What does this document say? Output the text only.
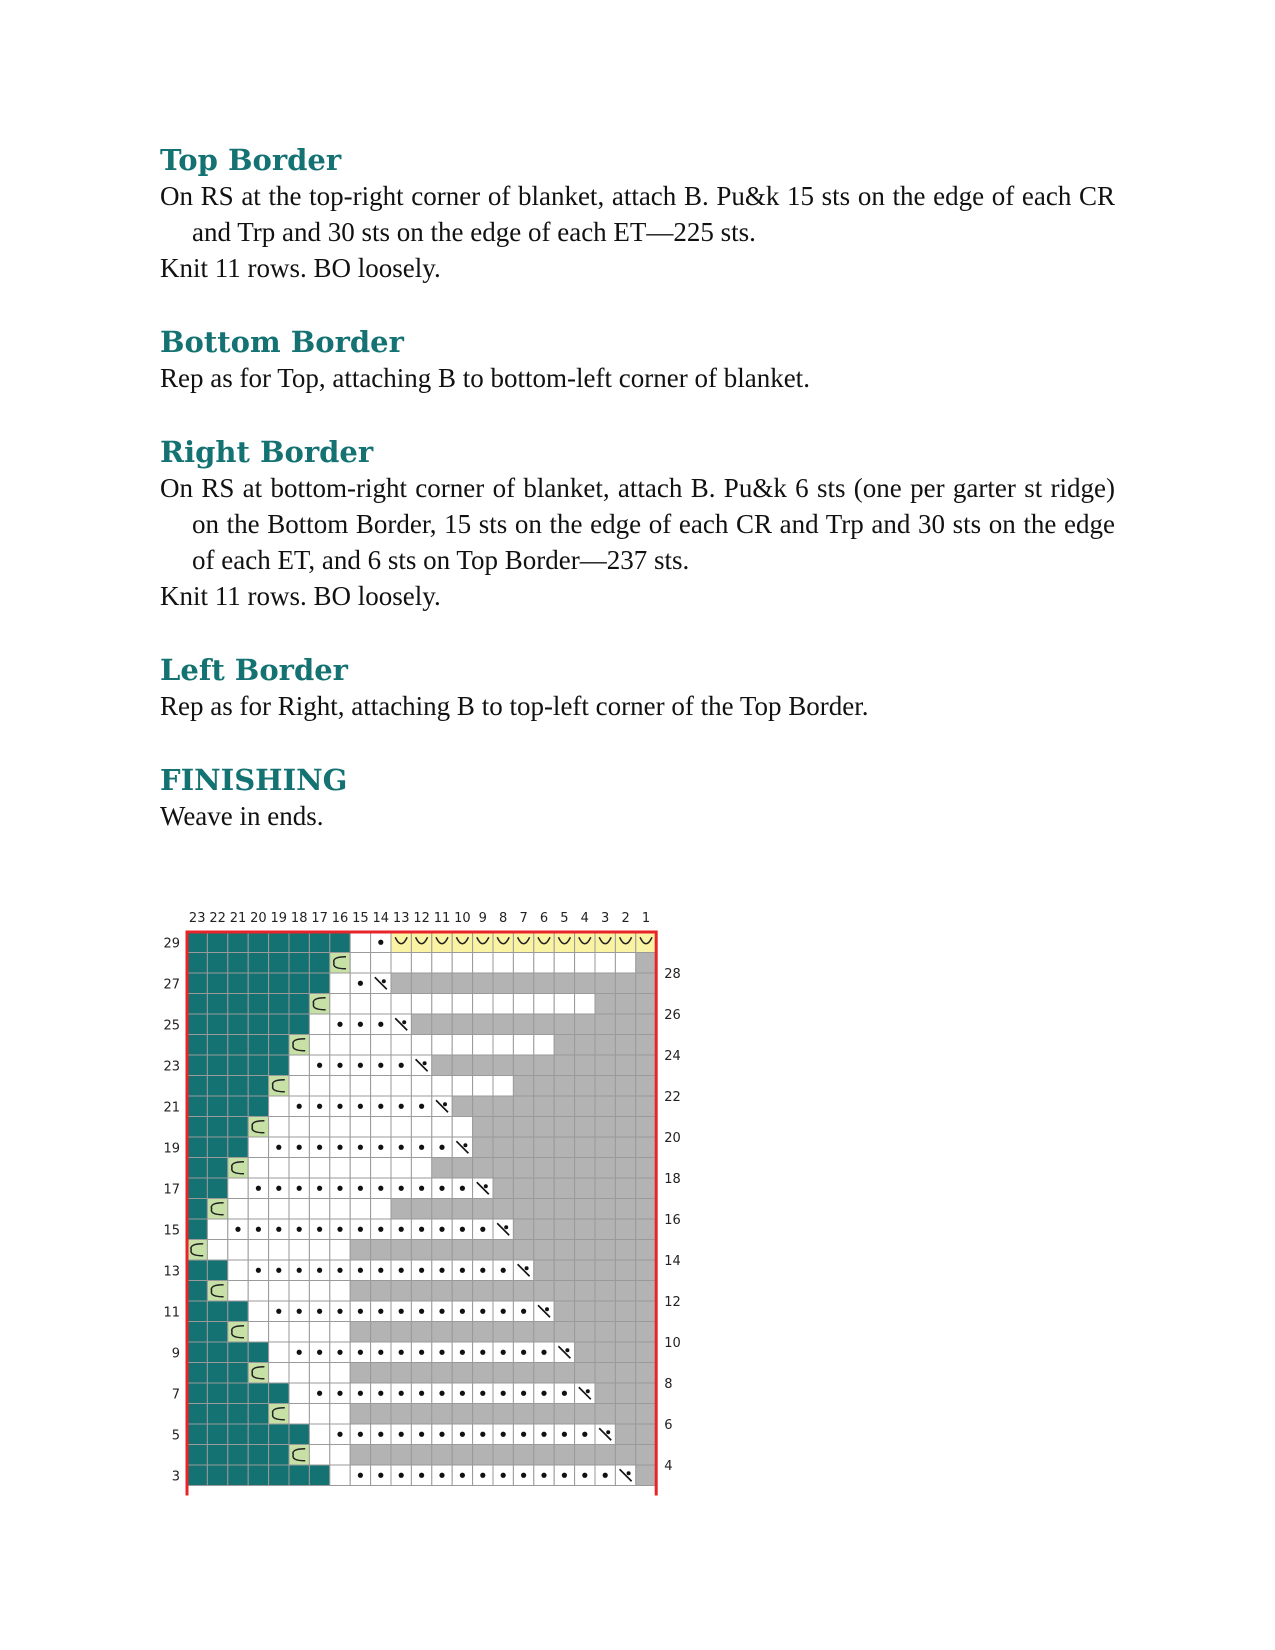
Top Border

On RS at the top-right corner of blanket, attach B. Pu&k 15 sts on the edge of each CR and Trp and 30 sts on the edge of each ET—225 sts.

Knit 11 rows. BO loosely.

Bottom Border

Rep as for Top, attaching B to bottom-left corner of blanket.

Right Border

On RS at bottom-right corner of blanket, attach B. Pu&k 6 sts (one per garter st ridge) on the Bottom Border, 15 sts on the edge of each CR and Trp and 30 sts on the edge of each ET, and 6 sts on Top Border—237 sts.

Knit 11 rows. BO loosely.

Left Border

Rep as for Right, attaching B to top-left corner of the Top Border.

FINISHING

Weave in ends.

23 22 21 20 19 18 17 16 15 14 13 12 11 10 9 8 7 6 5 4 3 2 1
29
28
27
26
25
24
23
22
21
20
19
18
17
16
15
14
13
12
11
10
9
8
7
6
5
4
3
